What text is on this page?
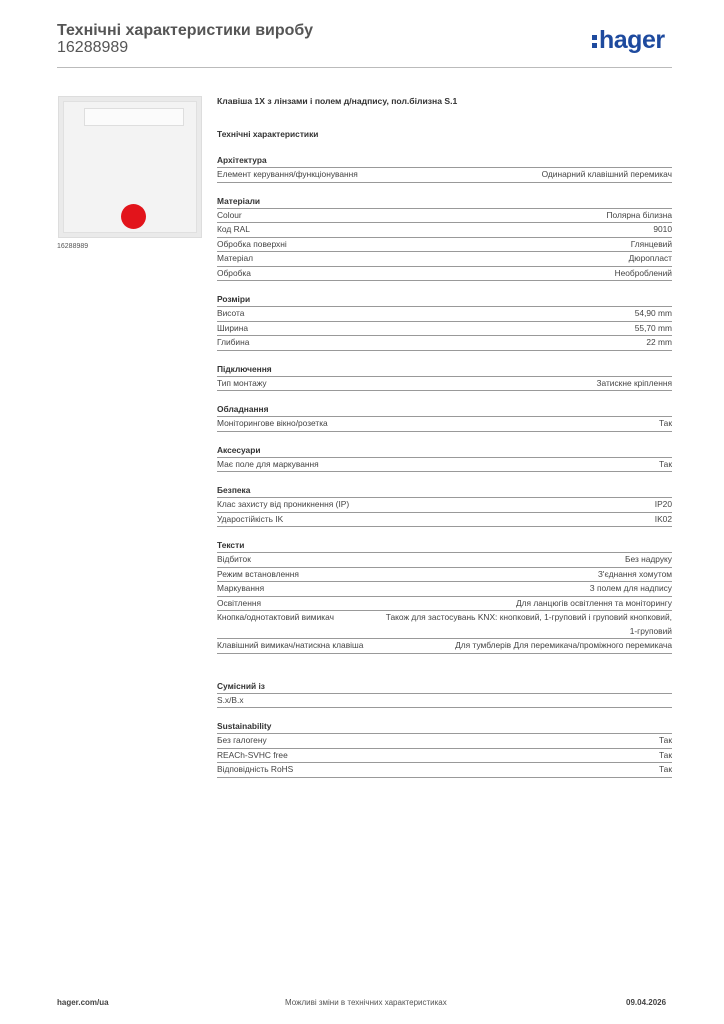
Технічні характеристики виробу
16288989	hager
16288989
Клавіша 1X з лінзами і полем д/надпису, пол.білизна S.1
Технічні характеристики
Архітектура
Елемент керування/функціонування	Одинарний клавішний перемикач
Матеріали
Colour	Полярна білизна
Код RAL	9010
Обробка поверхні	Глянцевий
Матеріал	Дюропласт
Обробка	Необроблений
Розміри
Висота	54,90 mm
Ширина	55,70 mm
Глибина	22 mm
Підключення
Тип монтажу	Затискне кріплення
Обладнання
Моніторингове вікно/розетка	Так
Аксесуари
Має поле для маркування	Так
Безпека
Клас захисту від проникнення (IP)	IP20
Ударостійкість IK	IK02
Тексти
Відбиток	Без надруку
Режим встановлення	З'єднання хомутом
Маркування	З полем для надпису
Освітлення	Для ланцюгів освітлення та моніторингу
Кнопка/однотактовий вимикач	Також для застосувань KNX: кнопковий, 1-груповий і груповий кнопковий, 1-груповий
Клавішний вимикач/натискна клавіша	Для тумблерів Для перемикача/проміжного перемикача
Сумісний із
S.x/B.x
Sustainability
Без галогену	Так
REACh-SVHC free	Так
Відповідність RoHS	Так
hager.com/ua	Можливі зміни в технічних характеристиках	09.04.2026
